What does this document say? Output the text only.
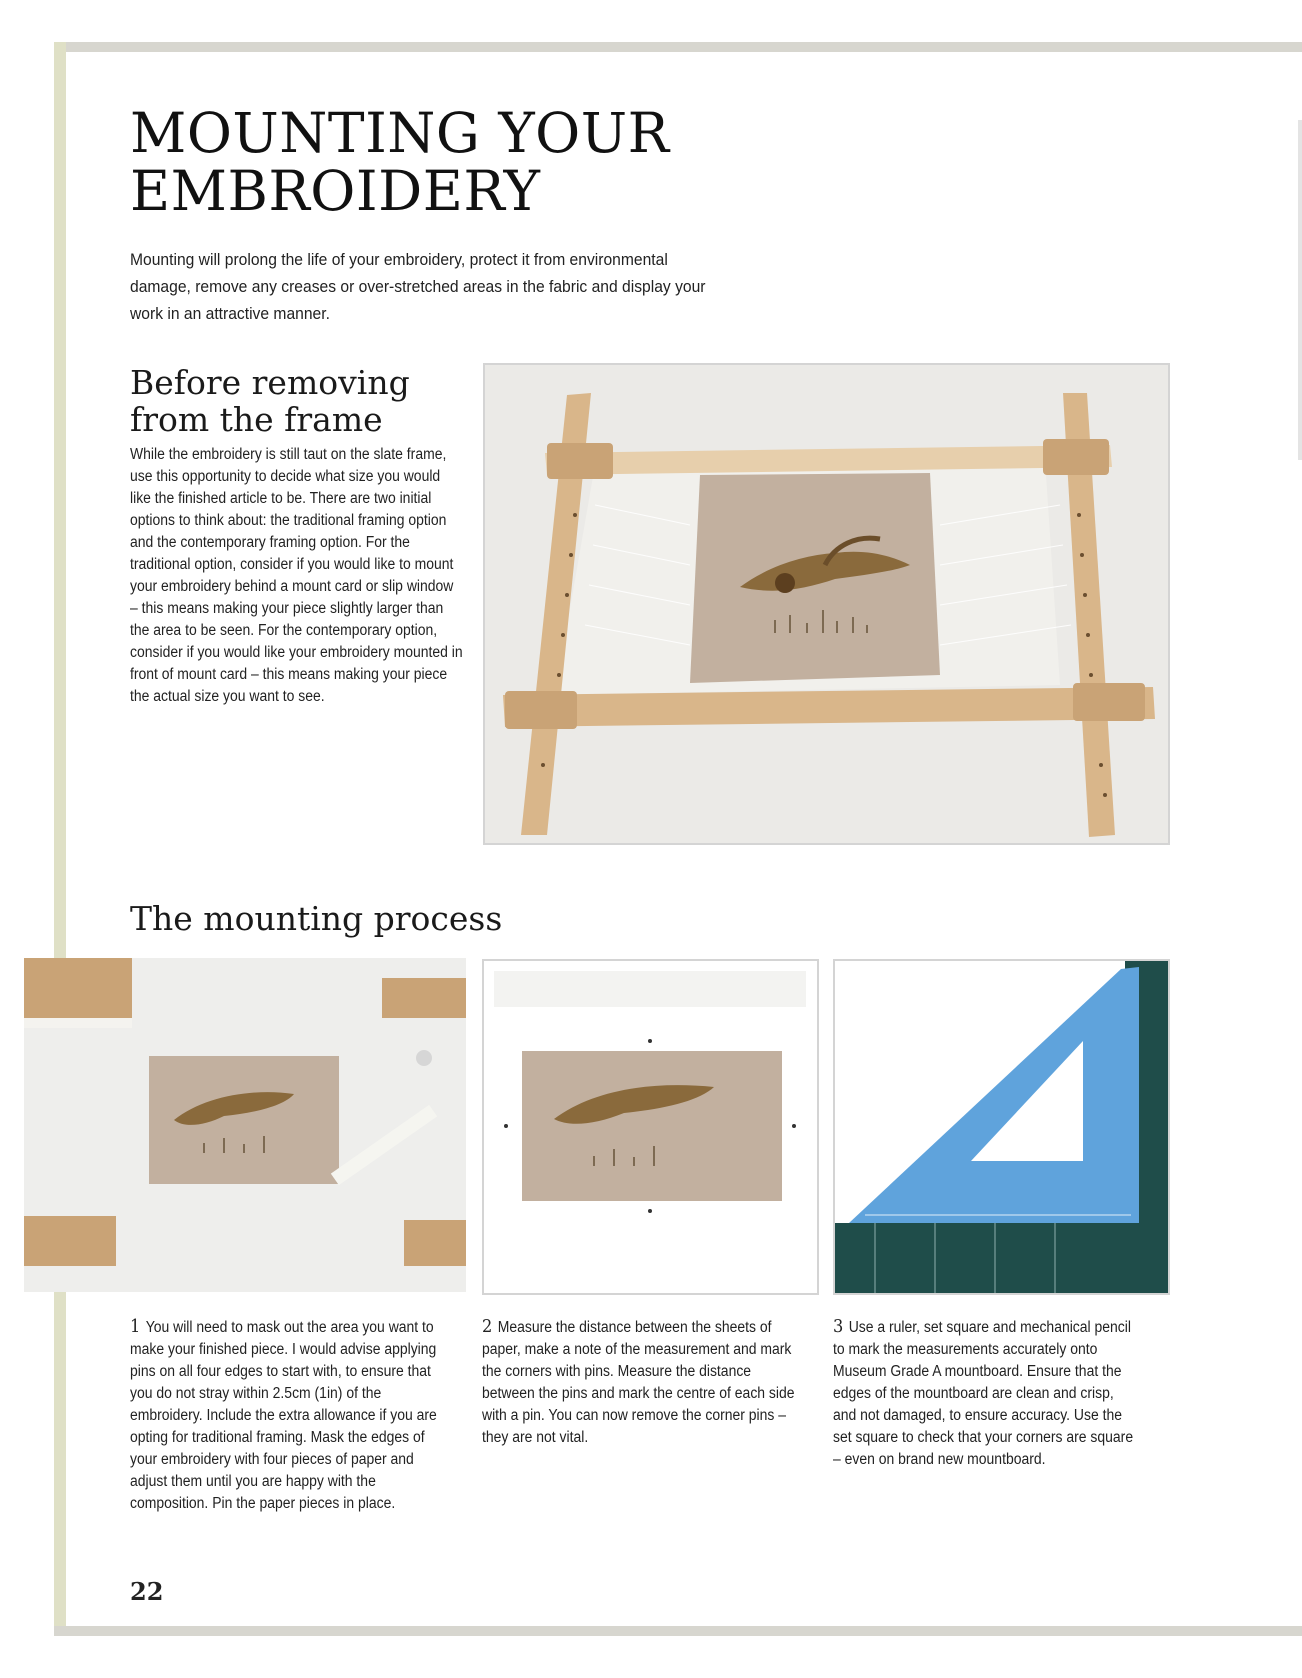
MOUNTING YOUR
EMBROIDERY

Mounting will prolong the life of your embroidery, protect it from environmental damage, remove any creases or over-stretched areas in the fabric and display your work in an attractive manner.

Before removing from the frame

While the embroidery is still taut on the slate frame, use this opportunity to decide what size you would like the finished article to be. There are two initial options to think about: the traditional framing option and the contemporary framing option. For the traditional option, consider if you would like to mount your embroidery behind a mount card or slip window – this means making your piece slightly larger than the area to be seen. For the contemporary option, consider if you would like your embroidery mounted in front of mount card – this means making your piece the actual size you want to see.

The mounting process

1 You will need to mask out the area you want to make your finished piece. I would advise applying pins on all four edges to start with, to ensure that you do not stray within 2.5cm (1in) of the embroidery. Include the extra allowance if you are opting for traditional framing. Mask the edges of your embroidery with four pieces of paper and adjust them until you are happy with the composition. Pin the paper pieces in place.

2 Measure the distance between the sheets of paper, make a note of the measurement and mark the corners with pins. Measure the distance between the pins and mark the centre of each side with a pin. You can now remove the corner pins – they are not vital.

3 Use a ruler, set square and mechanical pencil to mark the measurements accurately onto Museum Grade A mountboard. Ensure that the edges of the mountboard are clean and crisp, and not damaged, to ensure accuracy. Use the set square to check that your corners are square – even on brand new mountboard.

22
